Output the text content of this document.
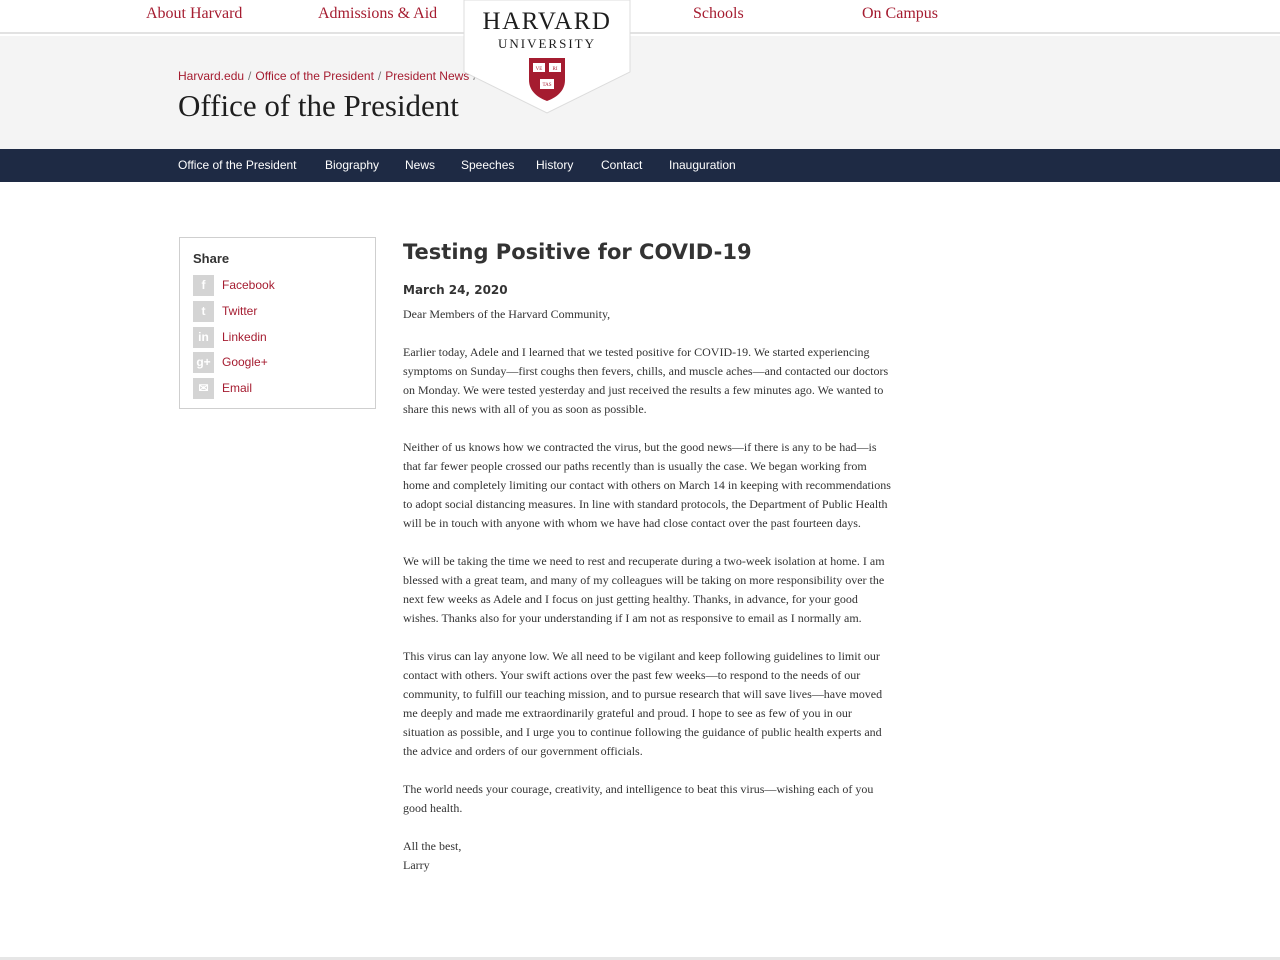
About Harvard	Admissions & Aid	Schools	On Campus
HARVARD
UNIVERSITY
VE RI
TAS
Harvard.edu / Office of the President / President News
Office of the President
Office of the President Biography News Speeches History Contact Inauguration
Share
f	Facebook
t	Twitter
in	Linkedin
g+ Google+
✉	Email
Testing Positive for COVID-19
March 24, 2020

Dear Members of the Harvard Community,

Earlier today, Adele and I learned that we tested positive for COVID-19. We started experiencing symptoms on Sunday—first coughs then fevers, chills, and muscle aches—and contacted our doctors on Monday. We were tested yesterday and just received the results a few minutes ago. We wanted to share this news with all of you as soon as possible.

Neither of us knows how we contracted the virus, but the good news—if there is any to be had—is that far fewer people crossed our paths recently than is usually the case. We began working from home and completely limiting our contact with others on March 14 in keeping with recommendations to adopt social distancing measures. In line with standard protocols, the Department of Public Health will be in touch with anyone with whom we have had close contact over the past fourteen days.

We will be taking the time we need to rest and recuperate during a two-week isolation at home. I am blessed with a great team, and many of my colleagues will be taking on more responsibility over the next few weeks as Adele and I focus on just getting healthy. Thanks, in advance, for your good wishes. Thanks also for your understanding if I am not as responsive to email as I normally am.

This virus can lay anyone low. We all need to be vigilant and keep following guidelines to limit our contact with others. Your swift actions over the past few weeks—to respond to the needs of our community, to fulfill our teaching mission, and to pursue research that will save lives—have moved me deeply and made me extraordinarily grateful and proud. I hope to see as few of you in our situation as possible, and I urge you to continue following the guidance of public health experts and the advice and orders of our government officials.

The world needs your courage, creativity, and intelligence to beat this virus—wishing each of you good health.

All the best,

Larry
